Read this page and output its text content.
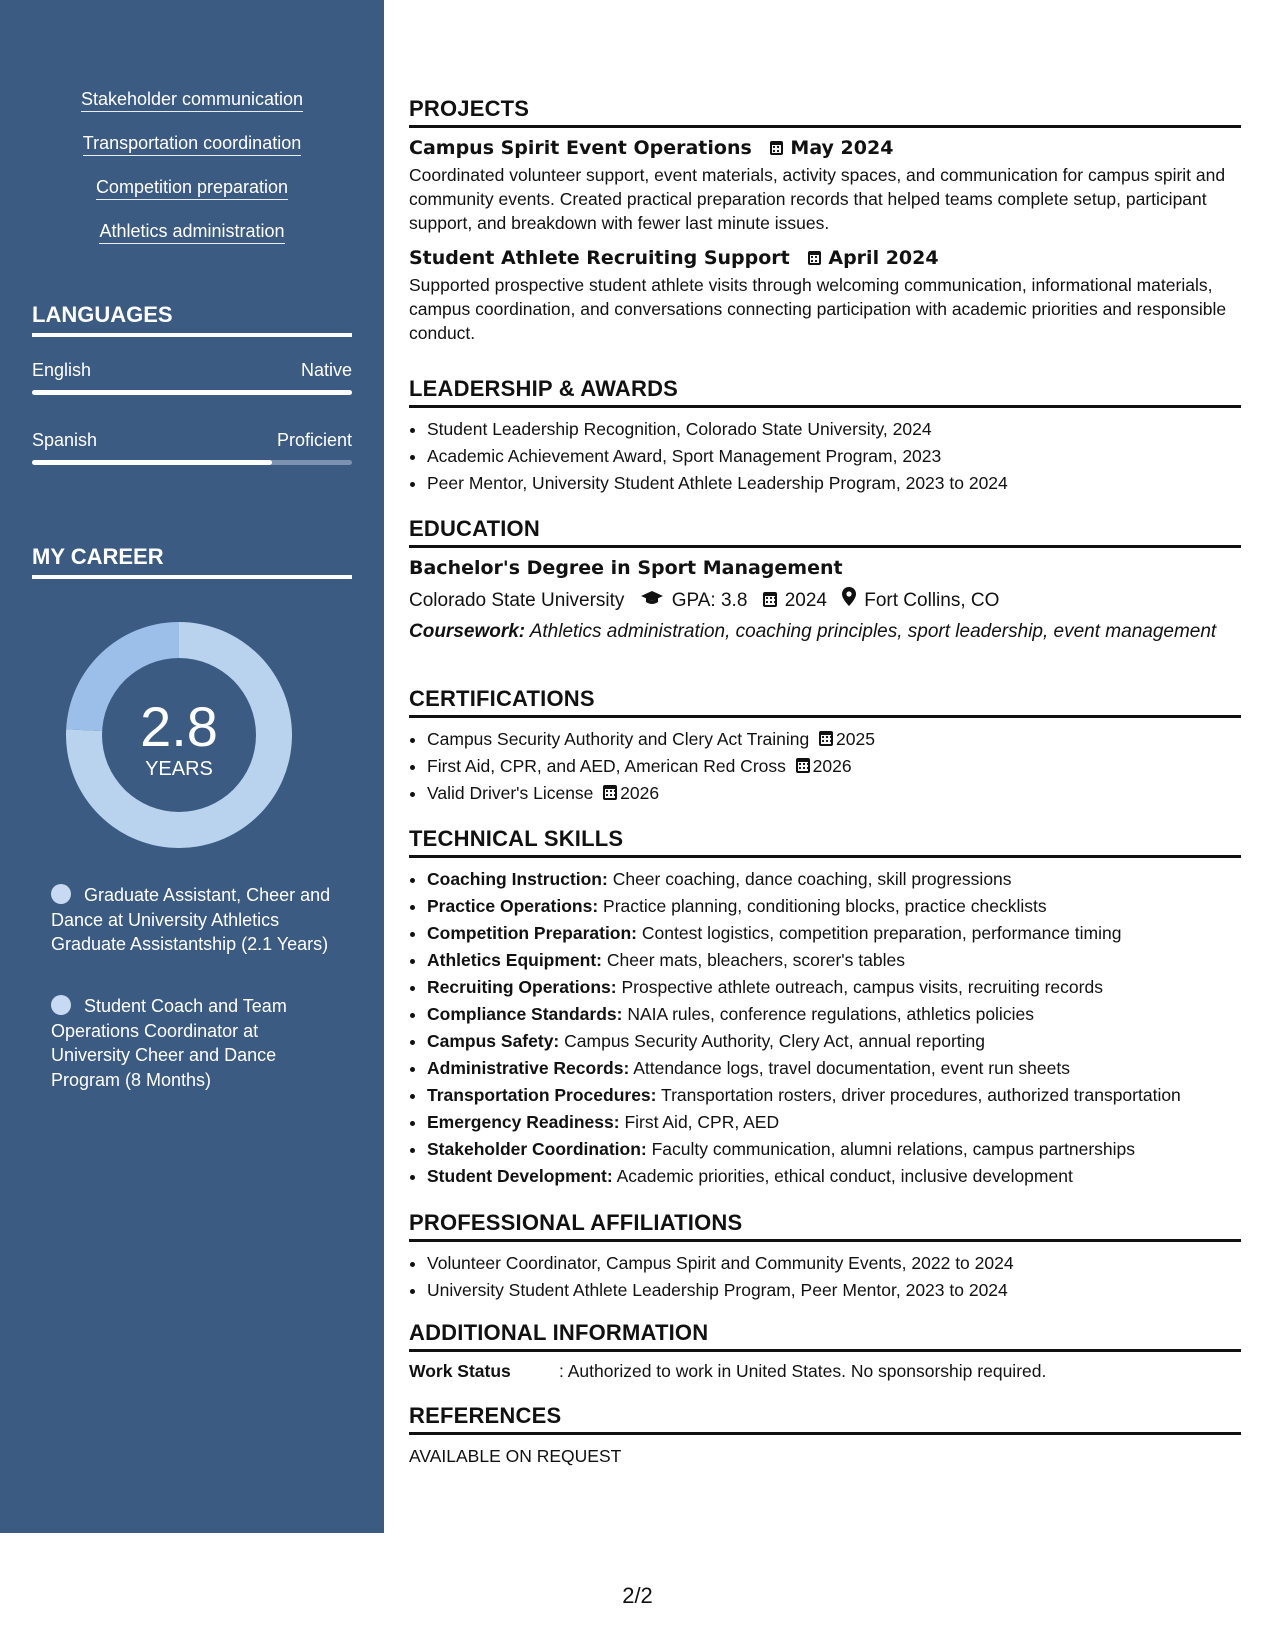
Stakeholder communication
Transportation coordination
Competition preparation
Athletics administration
LANGUAGES
English	Native
Spanish	Proficient
MY CAREER
2.8
YEARS
Graduate Assistant, Cheer and Dance at University Athletics Graduate Assistantship (2.1 Years)
Student Coach and Team Operations Coordinator at University Cheer and Dance Program (8 Months)
PROJECTS
Campus Spirit Event Operations May 2024
Coordinated volunteer support, event materials, activity spaces, and communication for campus spirit and community events. Created practical preparation records that helped teams complete setup, participant support, and breakdown with fewer last minute issues.
Student Athlete Recruiting Support April 2024
Supported prospective student athlete visits through welcoming communication, informational materials, campus coordination, and conversations connecting participation with academic priorities and responsible conduct.
LEADERSHIP & AWARDS
• Student Leadership Recognition, Colorado State University, 2024
• Academic Achievement Award, Sport Management Program, 2023
• Peer Mentor, University Student Athlete Leadership Program, 2023 to 2024
EDUCATION
Bachelor's Degree in Sport Management
Colorado State University GPA: 3.8 2024 Fort Collins, CO
Coursework: Athletics administration, coaching principles, sport leadership, event management
CERTIFICATIONS
• Campus Security Authority and Clery Act Training 2025
• First Aid, CPR, and AED, American Red Cross 2026
• Valid Driver's License 2026
TECHNICAL SKILLS
• Coaching Instruction: Cheer coaching, dance coaching, skill progressions
• Practice Operations: Practice planning, conditioning blocks, practice checklists
• Competition Preparation: Contest logistics, competition preparation, performance timing
• Athletics Equipment: Cheer mats, bleachers, scorer's tables
• Recruiting Operations: Prospective athlete outreach, campus visits, recruiting records
• Compliance Standards: NAIA rules, conference regulations, athletics policies
• Campus Safety: Campus Security Authority, Clery Act, annual reporting
• Administrative Records: Attendance logs, travel documentation, event run sheets
• Transportation Procedures: Transportation rosters, driver procedures, authorized transportation
• Emergency Readiness: First Aid, CPR, AED
• Stakeholder Coordination: Faculty communication, alumni relations, campus partnerships
• Student Development: Academic priorities, ethical conduct, inclusive development
PROFESSIONAL AFFILIATIONS
• Volunteer Coordinator, Campus Spirit and Community Events, 2022 to 2024
• University Student Athlete Leadership Program, Peer Mentor, 2023 to 2024
ADDITIONAL INFORMATION
Work Status	: Authorized to work in United States. No sponsorship required.
REFERENCES
AVAILABLE ON REQUEST
2/2
